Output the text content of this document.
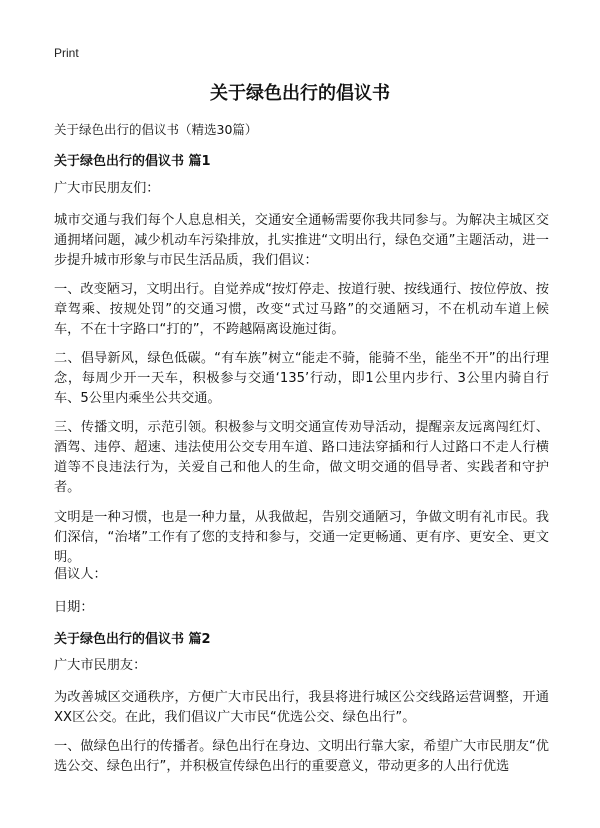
Print
关于绿色出行的倡议书
关于绿色出行的倡议书（精选30篇）
关于绿色出行的倡议书 篇1

广大市民朋友们：

城市交通与我们每个人息息相关，交通安全通畅需要你我共同参与。为解决主城区交通拥堵问题，减少机动车污染排放，扎实推进“文明出行，绿色交通”主题活动，进一步提升城市形象与市民生活品质，我们倡议：

一、改变陋习，文明出行。自觉养成“按灯停走、按道行驶、按线通行、按位停放、按章驾乘、按规处罚”的交通习惯，改变“式过马路”的交通陋习，不在机动车道上候车，不在十字路口“打的”，不跨越隔离设施过街。

二、倡导新风，绿色低碳。“有车族”树立“能走不骑，能骑不坐，能坐不开”的出行理念，每周少开一天车，积极参与交通‘135’行动，即1公里内步行、3公里内骑自行车、5公里内乘坐公共交通。

三、传播文明，示范引领。积极参与文明交通宣传劝导活动，提醒亲友远离闯红灯、酒驾、违停、超速、违法使用公交专用车道、路口违法穿插和行人过路口不走人行横道等不良违法行为，关爱自己和他人的生命，做文明交通的倡导者、实践者和守护者。

文明是一种习惯，也是一种力量，从我做起，告别交通陋习，争做文明有礼市民。我们深信，“治堵”工作有了您的支持和参与，交通一定更畅通、更有序、更安全、更文明。

倡议人：

日期：

关于绿色出行的倡议书 篇2

广大市民朋友：

为改善城区交通秩序，方便广大市民出行，我县将进行城区公交线路运营调整，开通XX区公交。在此，我们倡议广大市民“优选公交、绿色出行”。

一、做绿色出行的传播者。绿色出行在身边、文明出行靠大家，希望广大市民朋友“优选公交、绿色出行”，并积极宣传绿色出行的重要意义，带动更多的人出行优选
